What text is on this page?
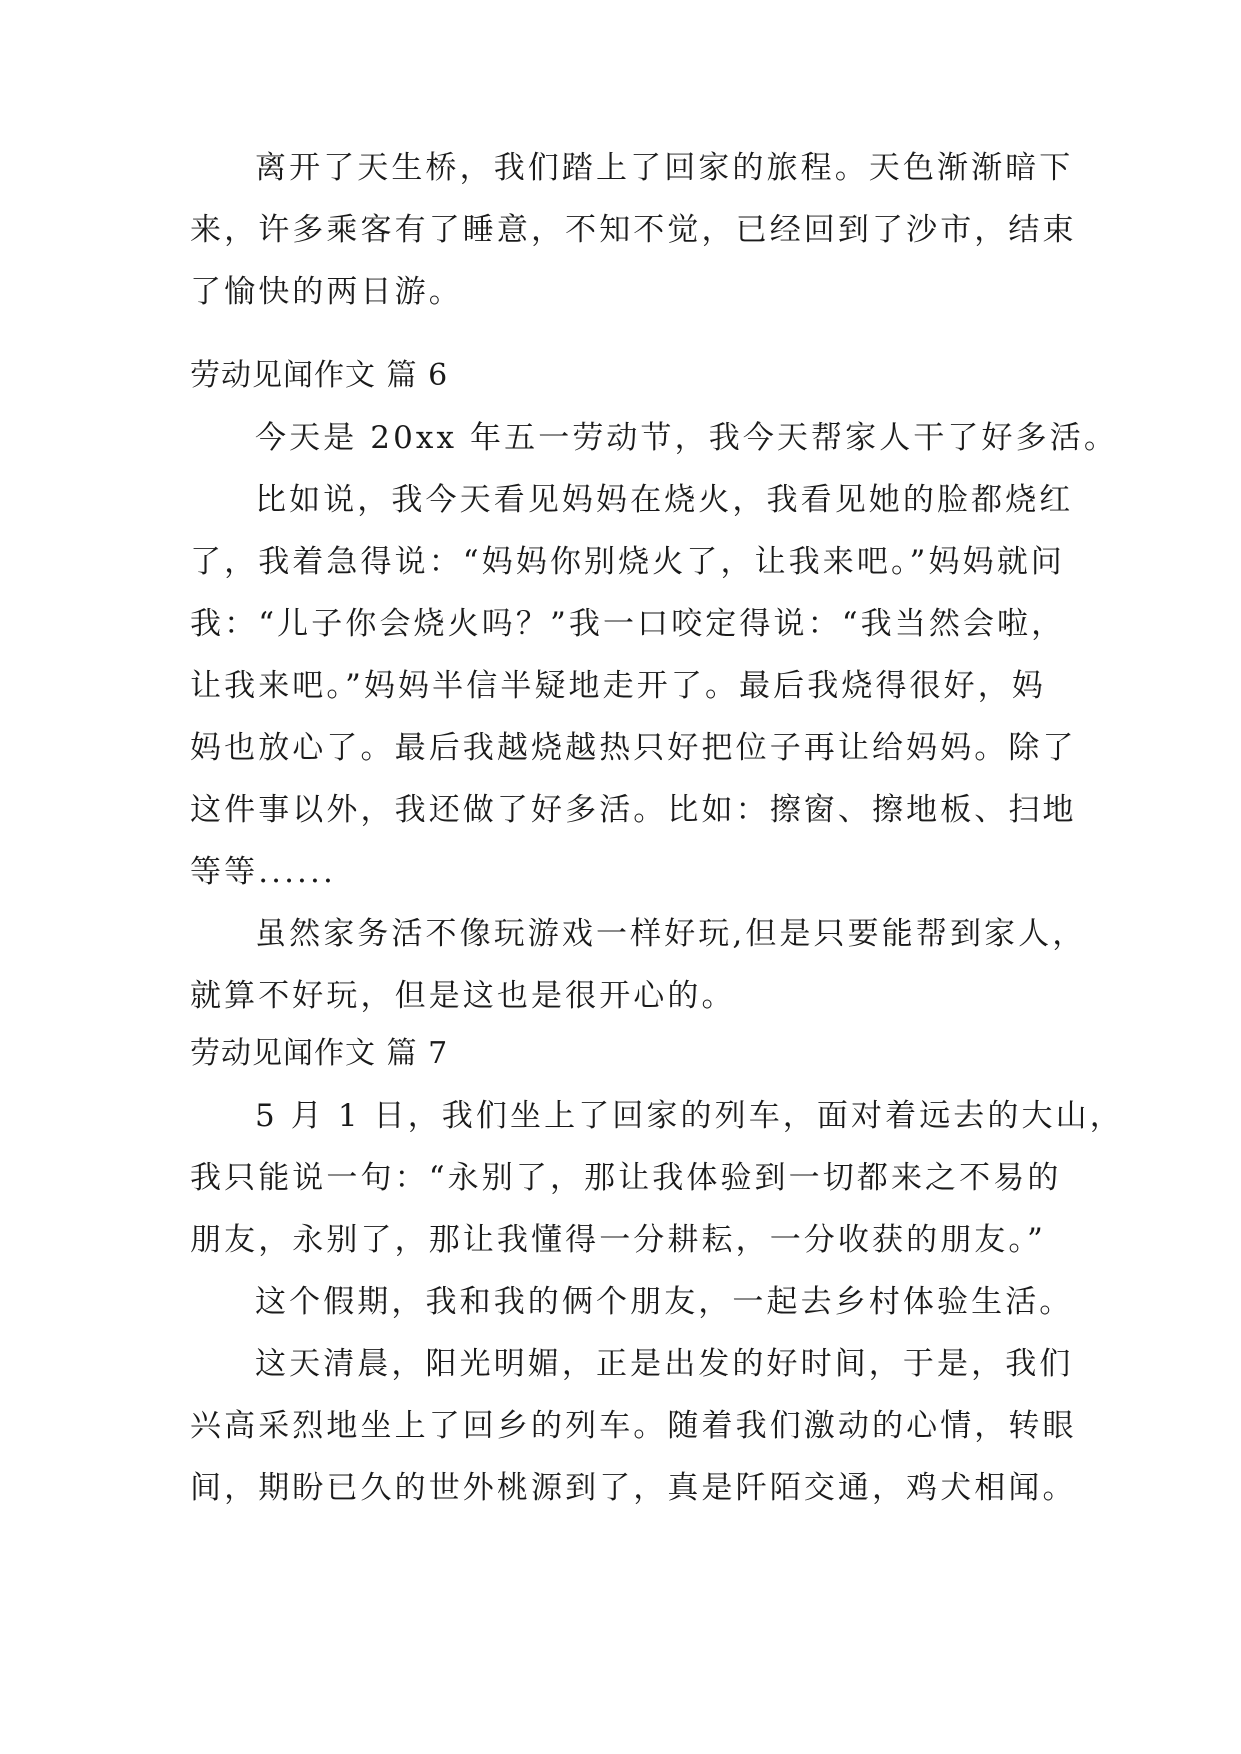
离开了天生桥，我们踏上了回家的旅程。天色渐渐暗下
来，许多乘客有了睡意，不知不觉，已经回到了沙市，结束
了愉快的两日游。
劳动见闻作文 篇 6
今天是 20xx 年五一劳动节，我今天帮家人干了好多活。
比如说，我今天看见妈妈在烧火，我看见她的脸都烧红
了，我着急得说：“妈妈你别烧火了，让我来吧。”妈妈就问
我：“儿子你会烧火吗？”我一口咬定得说：“我当然会啦，
让我来吧。”妈妈半信半疑地走开了。最后我烧得很好，妈
妈也放心了。最后我越烧越热只好把位子再让给妈妈。除了
这件事以外，我还做了好多活。比如：擦窗、擦地板、扫地
等等......
虽然家务活不像玩游戏一样好玩,但是只要能帮到家人，
就算不好玩，但是这也是很开心的。
劳动见闻作文 篇 7
5 月 1 日，我们坐上了回家的列车，面对着远去的大山，
我只能说一句：“永别了，那让我体验到一切都来之不易的
朋友，永别了，那让我懂得一分耕耘，一分收获的朋友。”
这个假期，我和我的俩个朋友，一起去乡村体验生活。
这天清晨，阳光明媚，正是出发的好时间，于是，我们
兴高采烈地坐上了回乡的列车。随着我们激动的心情，转眼
间，期盼已久的世外桃源到了，真是阡陌交通，鸡犬相闻。
